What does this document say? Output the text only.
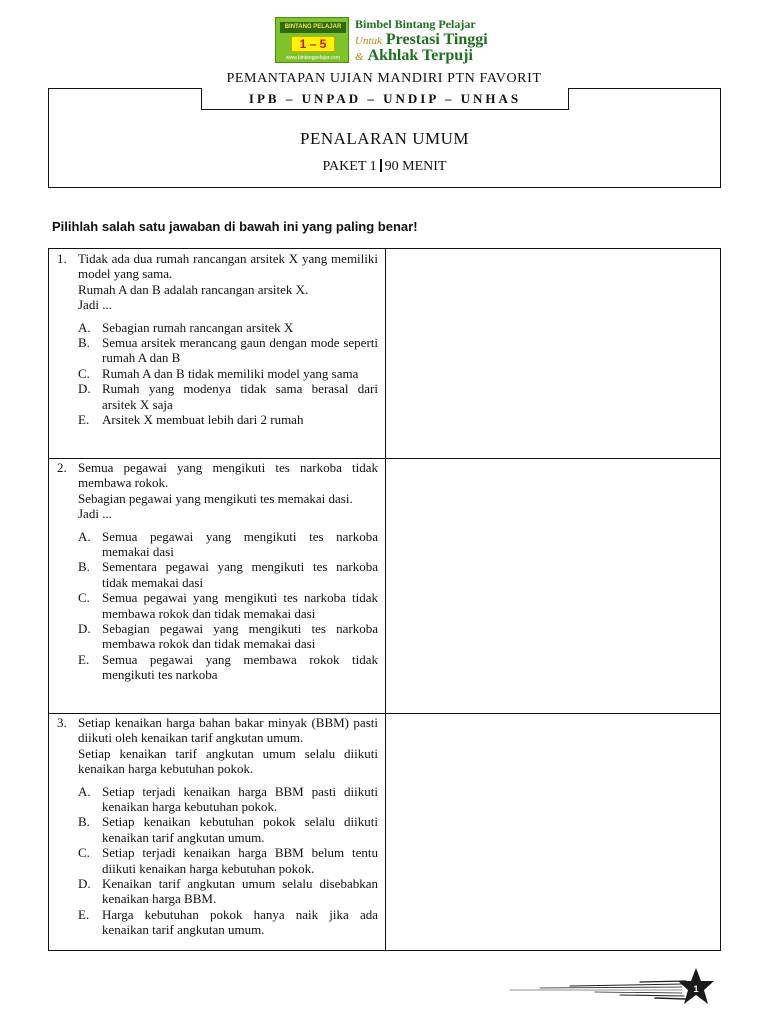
BINTANG PELAJAR
1 – 5
www.bintangpelajar.com
Bimbel Bintang Pelajar
Untuk Prestasi Tinggi
& Akhlak Terpuji
PEMANTAPAN UJIAN MANDIRI PTN FAVORIT
IPB – UNPAD – UNDIP – UNHAS
PENALARAN UMUM
PAKET 1 90 MENIT
Pilihlah salah satu jawaban di bawah ini yang paling benar!
1. Tidak ada dua rumah rancangan arsitek X yang memiliki model yang sama.

Rumah A dan B adalah rancangan arsitek X.

Jadi ...

A. Sebagian rumah rancangan arsitek X
B. Semua arsitek merancang gaun dengan mode seperti rumah A dan B
C. Rumah A dan B tidak memiliki model yang sama
D. Rumah yang modenya tidak sama berasal dari arsitek X saja
E. Arsitek X membuat lebih dari 2 rumah
2. Semua pegawai yang mengikuti tes narkoba tidak membawa rokok.

Sebagian pegawai yang mengikuti tes memakai dasi.

Jadi ...

A. Semua pegawai yang mengikuti tes narkoba memakai dasi
B. Sementara pegawai yang mengikuti tes narkoba tidak memakai dasi
C. Semua pegawai yang mengikuti tes narkoba tidak membawa rokok dan tidak memakai dasi
D. Sebagian pegawai yang mengikuti tes narkoba membawa rokok dan tidak memakai dasi
E. Semua pegawai yang membawa rokok tidak mengikuti tes narkoba
3. Setiap kenaikan harga bahan bakar minyak (BBM) pasti diikuti oleh kenaikan tarif angkutan umum.

Setiap kenaikan tarif angkutan umum selalu diikuti kenaikan harga kebutuhan pokok.

A. Setiap terjadi kenaikan harga BBM pasti diikuti kenaikan harga kebutuhan pokok.
B. Setiap kenaikan kebutuhan pokok selalu diikuti kenaikan tarif angkutan umum.
C. Setiap terjadi kenaikan harga BBM belum tentu diikuti kenaikan harga kebutuhan pokok.
D. Kenaikan tarif angkutan umum selalu disebabkan kenaikan harga BBM.
E. Harga kebutuhan pokok hanya naik jika ada kenaikan tarif angkutan umum.
1
